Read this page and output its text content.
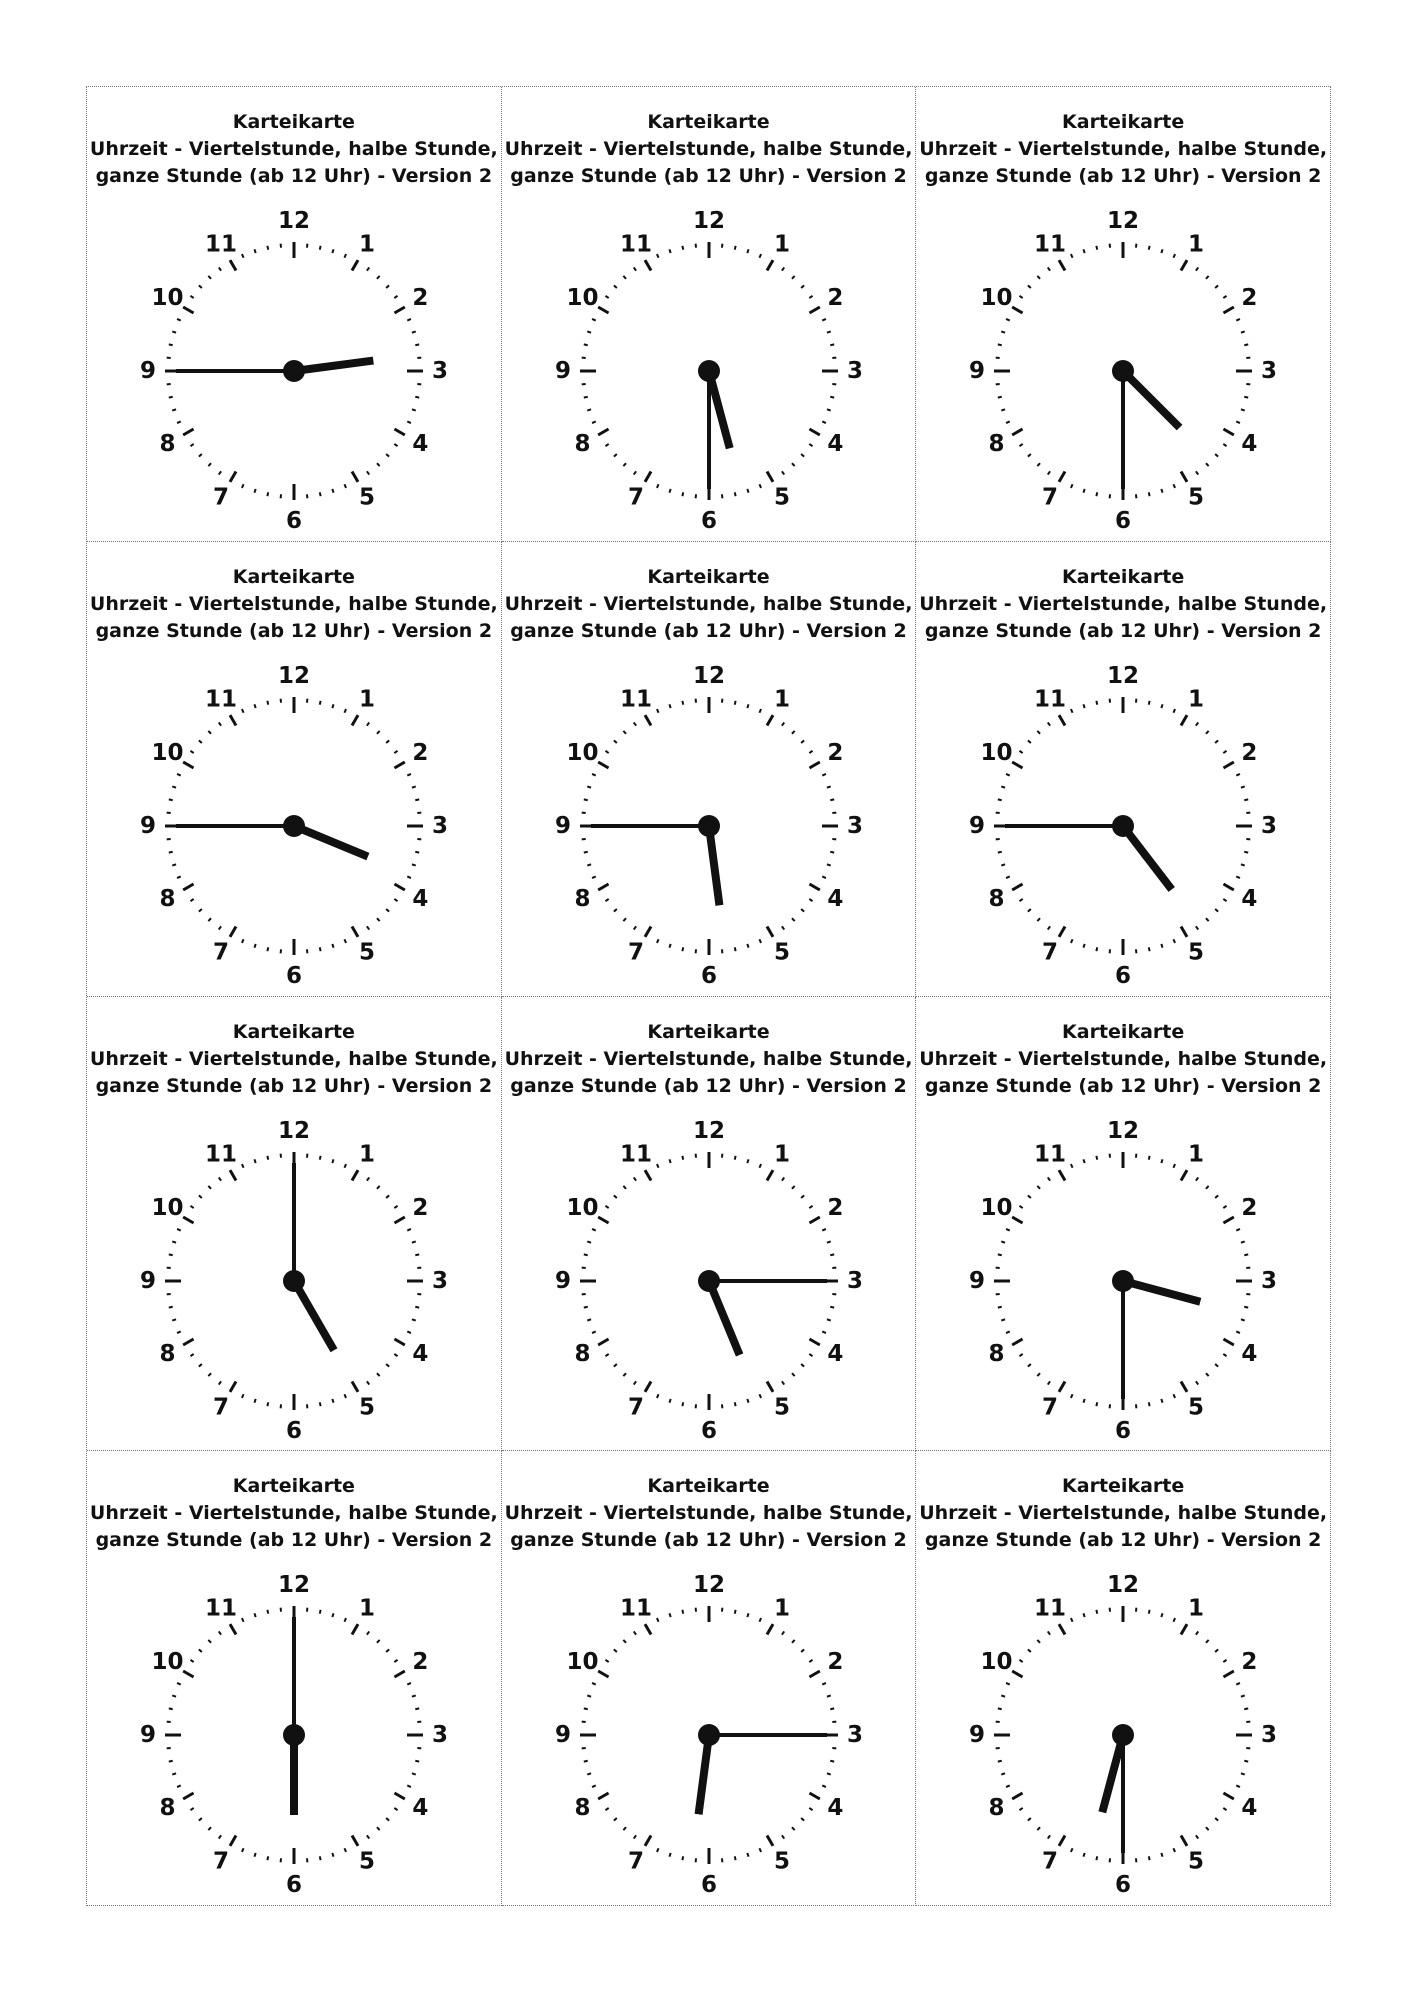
Karteikarte
Uhrzeit - Viertelstunde, halbe Stunde,
ganze Stunde (ab 12 Uhr) - Version 2
12
1
2
3
4
5
6
7
8
9
10
11
Karteikarte
Uhrzeit - Viertelstunde, halbe Stunde,
ganze Stunde (ab 12 Uhr) - Version 2
12
1
2
3
4
5
6
7
8
9
10
11
Karteikarte
Uhrzeit - Viertelstunde, halbe Stunde,
ganze Stunde (ab 12 Uhr) - Version 2
12
1
2
3
4
5
6
7
8
9
10
11
Karteikarte
Uhrzeit - Viertelstunde, halbe Stunde,
ganze Stunde (ab 12 Uhr) - Version 2
12
1
2
3
4
5
6
7
8
9
10
11
Karteikarte
Uhrzeit - Viertelstunde, halbe Stunde,
ganze Stunde (ab 12 Uhr) - Version 2
12
1
2
3
4
5
6
7
8
9
10
11
Karteikarte
Uhrzeit - Viertelstunde, halbe Stunde,
ganze Stunde (ab 12 Uhr) - Version 2
12
1
2
3
4
5
6
7
8
9
10
11
Karteikarte
Uhrzeit - Viertelstunde, halbe Stunde,
ganze Stunde (ab 12 Uhr) - Version 2
12
1
2
3
4
5
6
7
8
9
10
11
Karteikarte
Uhrzeit - Viertelstunde, halbe Stunde,
ganze Stunde (ab 12 Uhr) - Version 2
12
1
2
3
4
5
6
7
8
9
10
11
Karteikarte
Uhrzeit - Viertelstunde, halbe Stunde,
ganze Stunde (ab 12 Uhr) - Version 2
12
1
2
3
4
5
6
7
8
9
10
11
Karteikarte
Uhrzeit - Viertelstunde, halbe Stunde,
ganze Stunde (ab 12 Uhr) - Version 2
12
1
2
3
4
5
6
7
8
9
10
11
Karteikarte
Uhrzeit - Viertelstunde, halbe Stunde,
ganze Stunde (ab 12 Uhr) - Version 2
12
1
2
3
4
5
6
7
8
9
10
11
Karteikarte
Uhrzeit - Viertelstunde, halbe Stunde,
ganze Stunde (ab 12 Uhr) - Version 2
12
1
2
3
4
5
6
7
8
9
10
11
